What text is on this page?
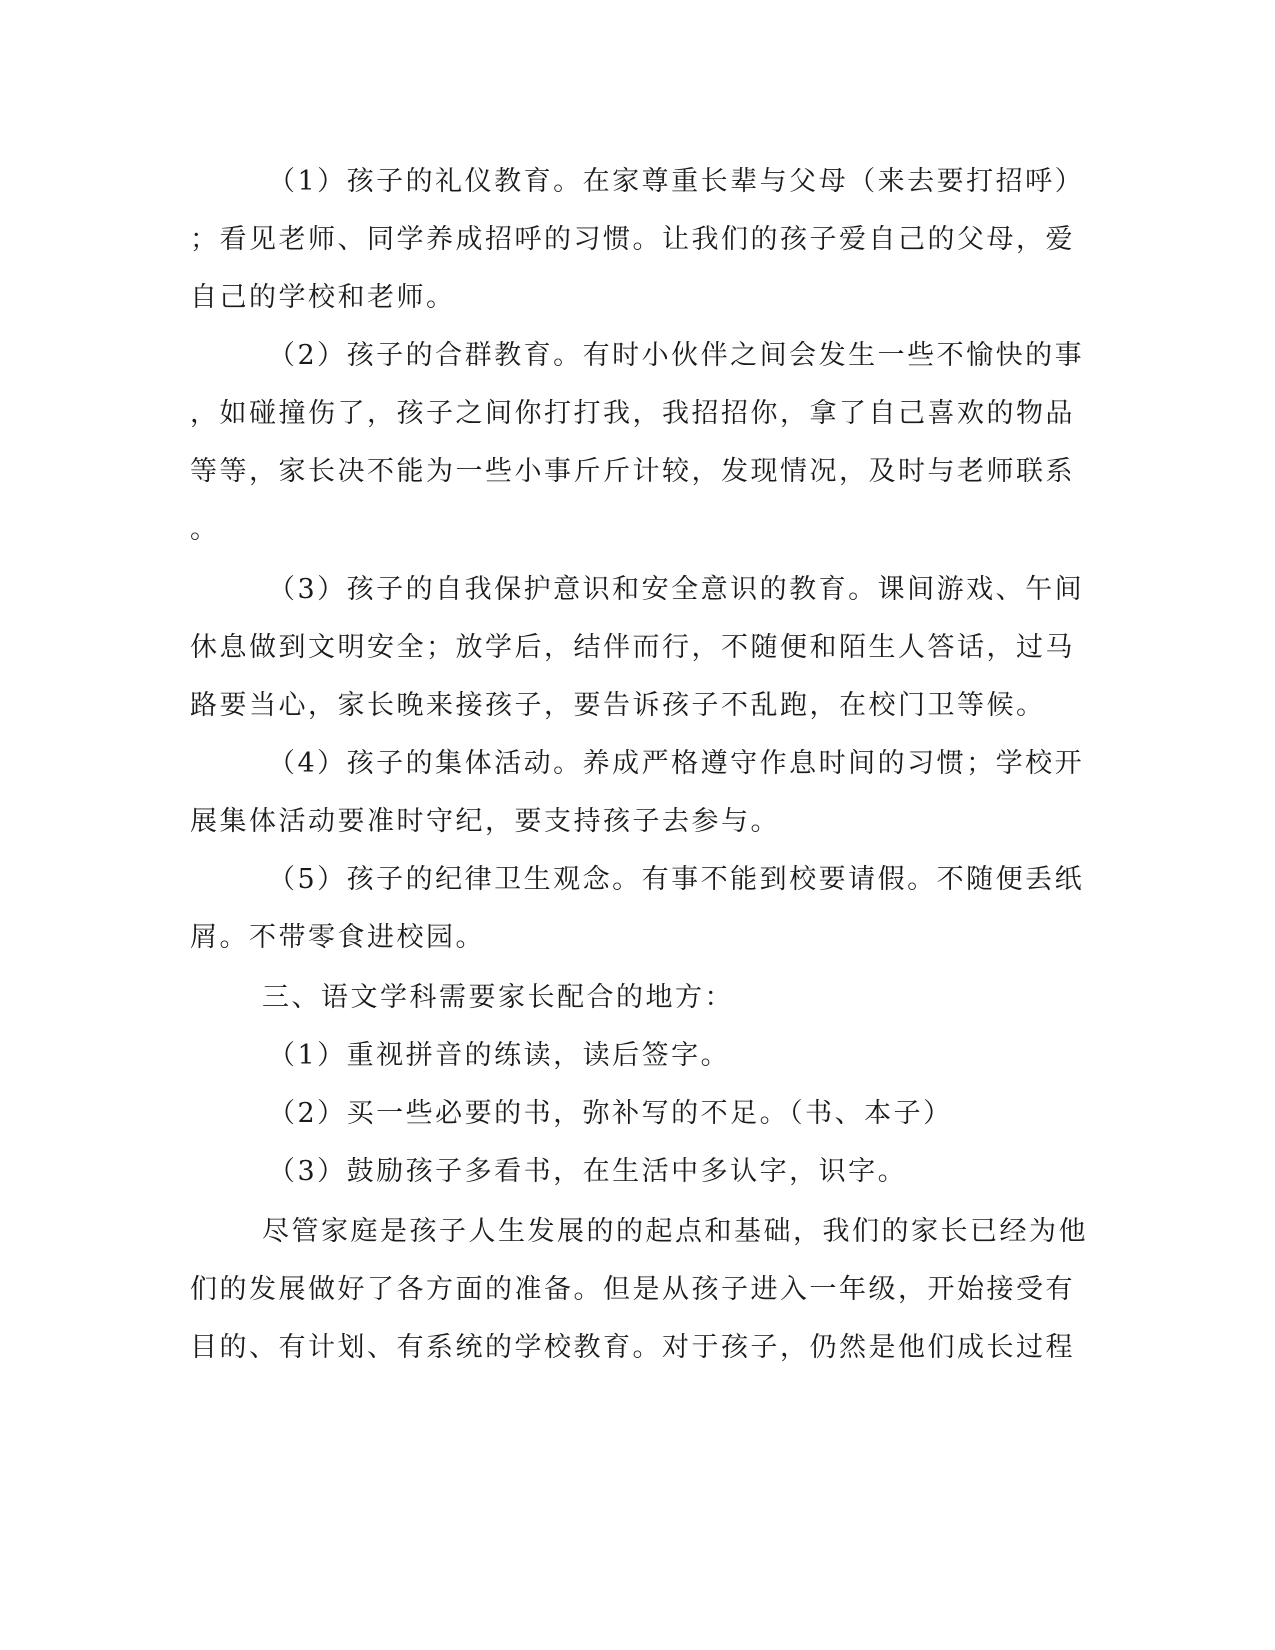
（1）孩子的礼仪教育。在家尊重长辈与父母（来去要打招呼）
；看见老师、同学养成招呼的习惯。让我们的孩子爱自己的父母，爱
自己的学校和老师。
（2）孩子的合群教育。有时小伙伴之间会发生一些不愉快的事
，如碰撞伤了，孩子之间你打打我，我招招你，拿了自己喜欢的物品
等等，家长决不能为一些小事斤斤计较，发现情况，及时与老师联系
。
（3）孩子的自我保护意识和安全意识的教育。课间游戏、午间
休息做到文明安全；放学后，结伴而行，不随便和陌生人答话，过马
路要当心，家长晚来接孩子，要告诉孩子不乱跑，在校门卫等候。
（4）孩子的集体活动。养成严格遵守作息时间的习惯；学校开
展集体活动要准时守纪，要支持孩子去参与。
（5）孩子的纪律卫生观念。有事不能到校要请假。不随便丢纸
屑。不带零食进校园。
三、语文学科需要家长配合的地方：
（1）重视拼音的练读，读后签字。
（2）买一些必要的书，弥补写的不足。（书、本子）
（3）鼓励孩子多看书，在生活中多认字，识字。
尽管家庭是孩子人生发展的的起点和基础，我们的家长已经为他
们的发展做好了各方面的准备。但是从孩子进入一年级，开始接受有
目的、有计划、有系统的学校教育。对于孩子，仍然是他们成长过程
